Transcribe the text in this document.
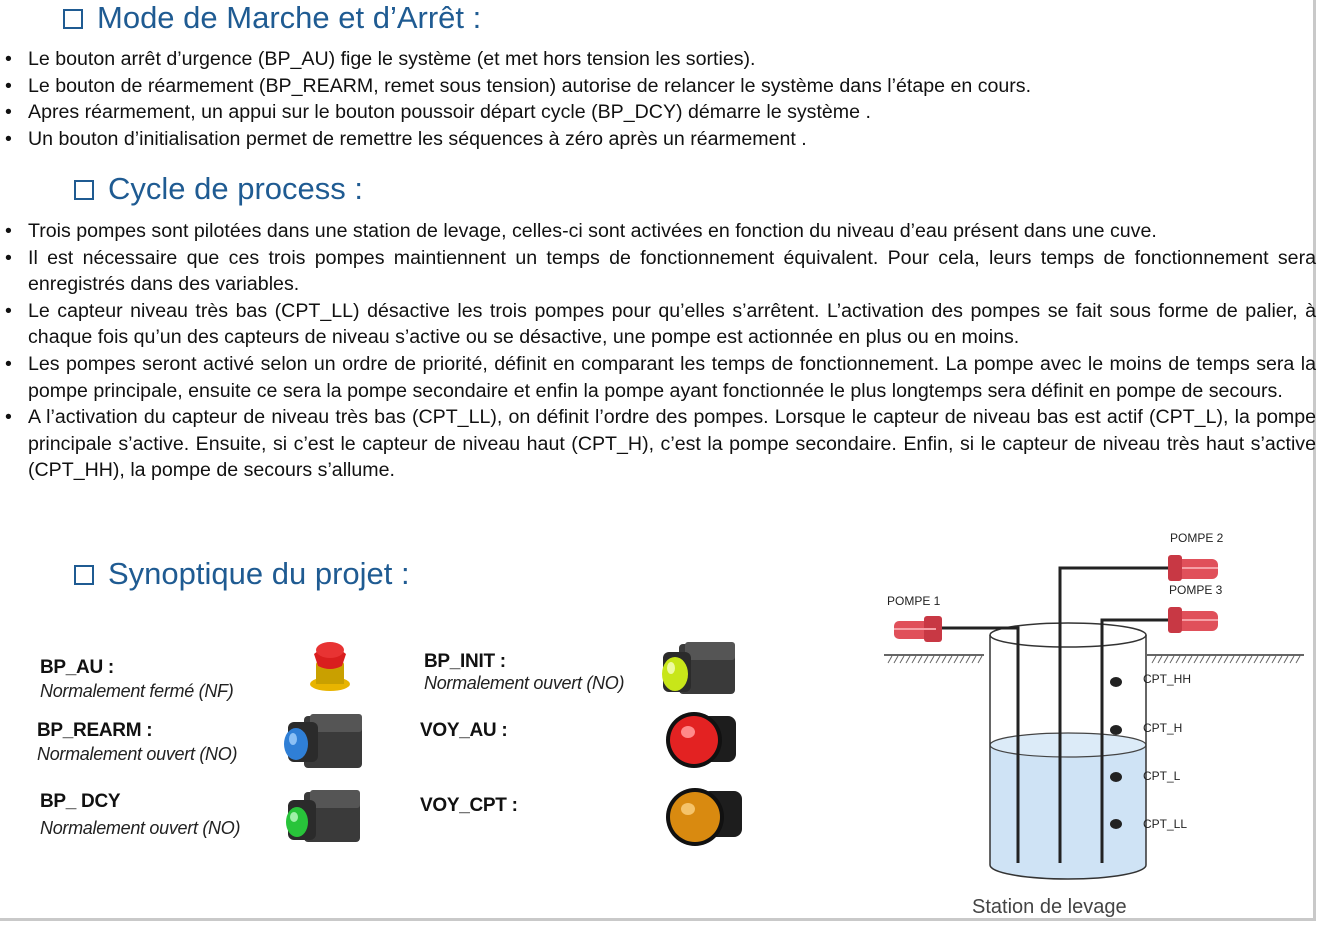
Mode de Marche et d’Arrêt :
• Le bouton arrêt d’urgence (BP_AU) fige le système (et met hors tension les sorties).
• Le bouton de réarmement (BP_REARM, remet sous tension) autorise de relancer le système dans l’étape en cours.
• Apres réarmement, un appui sur le bouton poussoir départ cycle (BP_DCY) démarre le système .
• Un bouton d’initialisation permet de remettre les séquences à zéro après un réarmement .
Cycle de process :
• Trois pompes sont pilotées dans une station de levage, celles-ci sont activées en fonction du niveau d’eau présent dans une cuve.
• Il est nécessaire que ces trois pompes maintiennent un temps de fonctionnement équivalent. Pour cela, leurs temps de fonctionnement sera enregistrés dans des variables.
• Le capteur niveau très bas (CPT_LL) désactive les trois pompes pour qu’elles s’arrêtent. L’activation des pompes se fait sous forme de palier, à chaque fois qu’un des capteurs de niveau s’active ou se désactive, une pompe est actionnée en plus ou en moins.
• Les pompes seront activé selon un ordre de priorité, définit en comparant les temps de fonctionnement. La pompe avec le moins de temps sera la pompe principale, ensuite ce sera la pompe secondaire et enfin la pompe ayant fonctionnée le plus longtemps sera définit en pompe de secours.
• A l’activation du capteur de niveau très bas (CPT_LL), on définit l’ordre des pompes. Lorsque le capteur de niveau bas est actif (CPT_L), la pompe principale s’active. Ensuite, si c’est le capteur de niveau haut (CPT_H), c’est la pompe secondaire. Enfin, si le capteur de niveau très haut s’active (CPT_HH), la pompe de secours s’allume.
Synoptique du projet :
BP_AU :
Normalement fermé (NF)
BP_REARM :
Normalement ouvert (NO)
BP_ DCY
Normalement ouvert (NO)
BP_INIT :
Normalement ouvert (NO)
VOY_AU :
VOY_CPT :
POMPE 1
POMPE 2
POMPE 3
CPT_HH
CPT_H
CPT_L
CPT_LL
Station de levage
